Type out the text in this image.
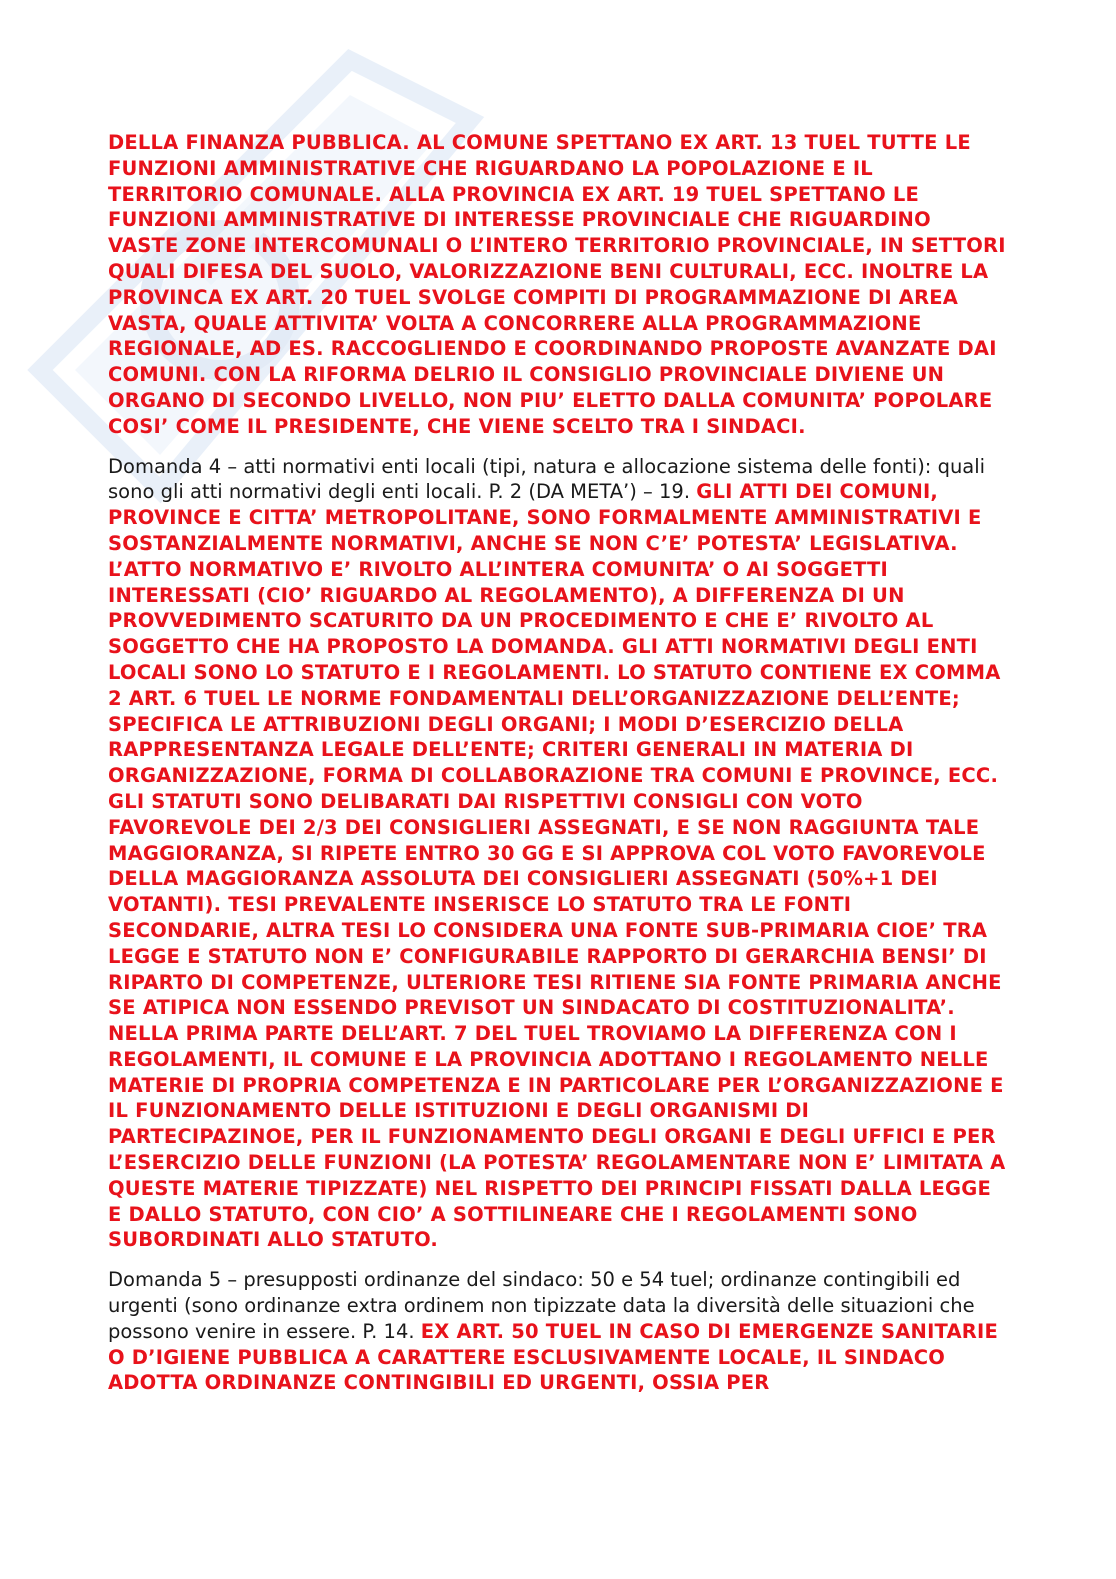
DELLA FINANZA PUBBLICA. AL COMUNE SPETTANO EX ART. 13 TUEL TUTTE LE FUNZIONI AMMINISTRATIVE CHE RIGUARDANO LA POPOLAZIONE E IL TERRITORIO COMUNALE. ALLA PROVINCIA EX ART. 19 TUEL SPETTANO LE FUNZIONI AMMINISTRATIVE DI INTERESSE PROVINCIALE CHE RIGUARDINO VASTE ZONE INTERCOMUNALI O L’INTERO TERRITORIO PROVINCIALE, IN SETTORI QUALI DIFESA DEL SUOLO, VALORIZZAZIONE BENI CULTURALI, ECC. INOLTRE LA PROVINCA EX ART. 20 TUEL SVOLGE COMPITI DI PROGRAMMAZIONE DI AREA VASTA, QUALE ATTIVITA’ VOLTA A CONCORRERE ALLA PROGRAMMAZIONE REGIONALE, AD ES. RACCOGLIENDO E COORDINANDO PROPOSTE AVANZATE DAI COMUNI. CON LA RIFORMA DELRIO IL CONSIGLIO PROVINCIALE DIVIENE UN ORGANO DI SECONDO LIVELLO, NON PIU’ ELETTO DALLA COMUNITA’ POPOLARE COSI’ COME IL PRESIDENTE, CHE VIENE SCELTO TRA I SINDACI.

Domanda 4 – atti normativi enti locali (tipi, natura e allocazione sistema delle fonti): quali sono gli atti normativi degli enti locali. P. 2 (DA META’) – 19. GLI ATTI DEI COMUNI, PROVINCE E CITTA’ METROPOLITANE, SONO FORMALMENTE AMMINISTRATIVI E SOSTANZIALMENTE NORMATIVI, ANCHE SE NON C’E’ POTESTA’ LEGISLATIVA. L’ATTO NORMATIVO E’ RIVOLTO ALL’INTERA COMUNITA’ O AI SOGGETTI INTERESSATI (CIO’ RIGUARDO AL REGOLAMENTO), A DIFFERENZA DI UN PROVVEDIMENTO SCATURITO DA UN PROCEDIMENTO E CHE E’ RIVOLTO AL SOGGETTO CHE HA PROPOSTO LA DOMANDA. GLI ATTI NORMATIVI DEGLI ENTI LOCALI SONO LO STATUTO E I REGOLAMENTI. LO STATUTO CONTIENE EX COMMA 2 ART. 6 TUEL LE NORME FONDAMENTALI DELL’ORGANIZZAZIONE DELL’ENTE; SPECIFICA LE ATTRIBUZIONI DEGLI ORGANI; I MODI D’ESERCIZIO DELLA RAPPRESENTANZA LEGALE DELL’ENTE; CRITERI GENERALI IN MATERIA DI ORGANIZZAZIONE, FORMA DI COLLABORAZIONE TRA COMUNI E PROVINCE, ECC. GLI STATUTI SONO DELIBARATI DAI RISPETTIVI CONSIGLI CON VOTO FAVOREVOLE DEI 2/3 DEI CONSIGLIERI ASSEGNATI, E SE NON RAGGIUNTA TALE MAGGIORANZA, SI RIPETE ENTRO 30 GG E SI APPROVA COL VOTO FAVOREVOLE DELLA MAGGIORANZA ASSOLUTA DEI CONSIGLIERI ASSEGNATI (50%+1 DEI VOTANTI). TESI PREVALENTE INSERISCE LO STATUTO TRA LE FONTI SECONDARIE, ALTRA TESI LO CONSIDERA UNA FONTE SUB-PRIMARIA CIOE’ TRA LEGGE E STATUTO NON E’ CONFIGURABILE RAPPORTO DI GERARCHIA BENSI’ DI RIPARTO DI COMPETENZE, ULTERIORE TESI RITIENE SIA FONTE PRIMARIA ANCHE SE ATIPICA NON ESSENDO PREVISOT UN SINDACATO DI COSTITUZIONALITA’. NELLA PRIMA PARTE DELL’ART. 7 DEL TUEL TROVIAMO LA DIFFERENZA CON I REGOLAMENTI, IL COMUNE E LA PROVINCIA ADOTTANO I REGOLAMENTO NELLE MATERIE DI PROPRIA COMPETENZA E IN PARTICOLARE PER L’ORGANIZZAZIONE E IL FUNZIONAMENTO DELLE ISTITUZIONI E DEGLI ORGANISMI DI PARTECIPAZINOE, PER IL FUNZIONAMENTO DEGLI ORGANI E DEGLI UFFICI E PER L’ESERCIZIO DELLE FUNZIONI (LA POTESTA’ REGOLAMENTARE NON E’ LIMITATA A QUESTE MATERIE TIPIZZATE) NEL RISPETTO DEI PRINCIPI FISSATI DALLA LEGGE E DALLO STATUTO, CON CIO’ A SOTTILINEARE CHE I REGOLAMENTI SONO SUBORDINATI ALLO STATUTO.

Domanda 5 – presupposti ordinanze del sindaco: 50 e 54 tuel; ordinanze contingibili ed urgenti (sono ordinanze extra ordinem non tipizzate data la diversità delle situazioni che possono venire in essere. P. 14. EX ART. 50 TUEL IN CASO DI EMERGENZE SANITARIE O D’IGIENE PUBBLICA A CARATTERE ESCLUSIVAMENTE LOCALE, IL SINDACO ADOTTA ORDINANZE CONTINGIBILI ED URGENTI, OSSIA PER
